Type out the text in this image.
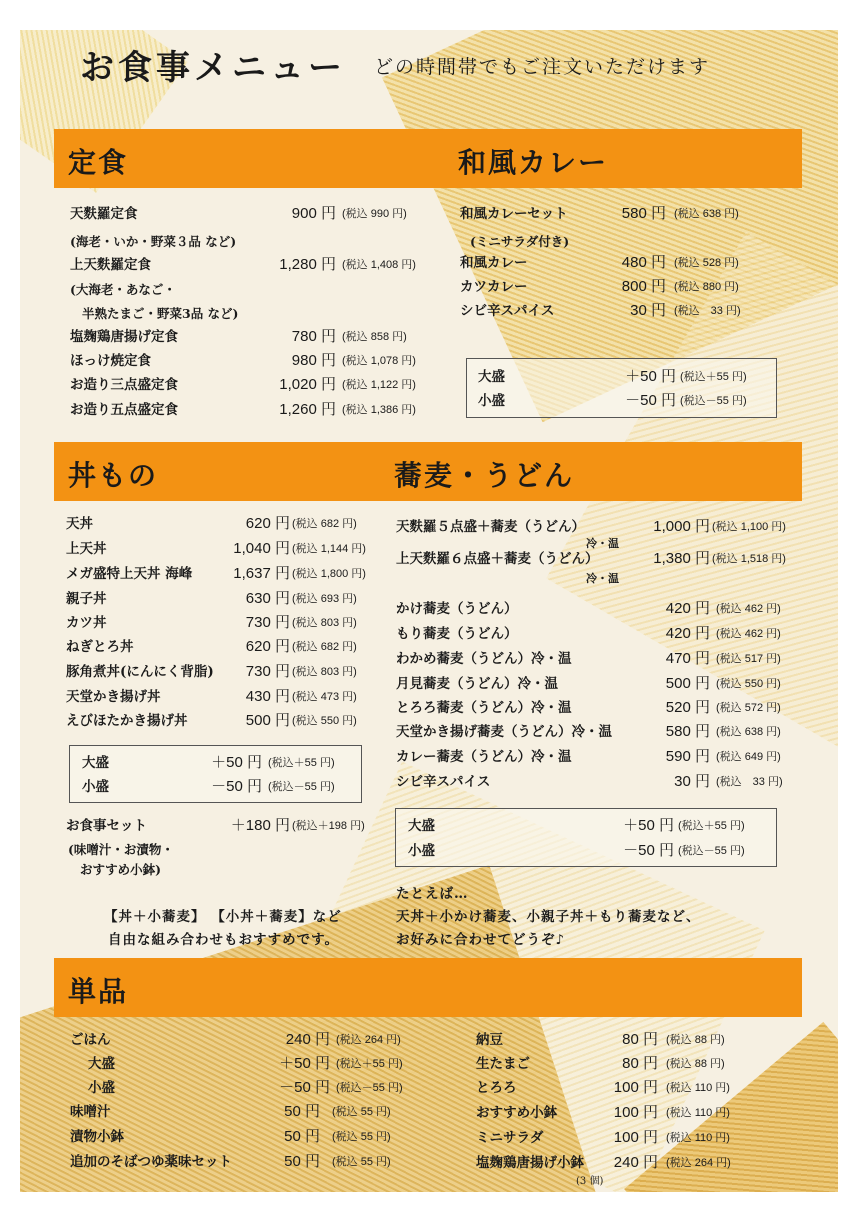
お食事メニュー どの時間帯でもご注文いただけます
定食	和風カレー
天麩羅定食	900 円 (税込 990 円)
(海老・いか・野菜３品 など)
上天麩羅定食	1,280 円 (税込 1,408 円)
(大海老・あなご・
半熟たまご・野菜3品 など)
塩麹鶏唐揚げ定食	780 円 (税込 858 円)
ほっけ焼定食	980 円 (税込 1,078 円)
お造り三点盛定食	1,020 円 (税込 1,122 円)
お造り五点盛定食	1,260 円 (税込 1,386 円)
和風カレーセット	580 円 (税込 638 円)
(ミニサラダ付き)
和風カレー	480 円 (税込 528 円)
カツカレー	800 円 (税込 880 円)
シビ辛スパイス	30 円 (税込　33 円)
大盛	＋50 円 (税込＋55 円)
小盛	－50 円 (税込－55 円)
丼もの	蕎麦・うどん
天丼	620 円 (税込 682 円)
上天丼	1,040 円 (税込 1,144 円)
メガ盛特上天丼 海峰	1,637 円 (税込 1,800 円)
親子丼	630 円 (税込 693 円)
カツ丼	730 円 (税込 803 円)
ねぎとろ丼	620 円 (税込 682 円)
豚角煮丼(にんにく背脂)	730 円 (税込 803 円)
天堂かき揚げ丼	430 円 (税込 473 円)
えびほたかき揚げ丼	500 円 (税込 550 円)
大盛	＋50 円 (税込＋55 円)
小盛	－50 円 (税込－55 円)
お食事セット	＋180 円 (税込＋198 円)
(味噌汁・お漬物・
おすすめ小鉢)
【丼＋小蕎麦】 【小丼＋蕎麦】など
自由な組み合わせもおすすめです。
天麩羅５点盛＋蕎麦（うどん）	1,000 円 (税込 1,100 円)
冷・温
上天麩羅６点盛＋蕎麦（うどん）	1,380 円 (税込 1,518 円)
冷・温
かけ蕎麦（うどん）	420 円 (税込 462 円)
もり蕎麦（うどん）	420 円 (税込 462 円)
わかめ蕎麦（うどん）冷・温	470 円 (税込 517 円)
月見蕎麦（うどん）冷・温	500 円 (税込 550 円)
とろろ蕎麦（うどん）冷・温	520 円 (税込 572 円)
天堂かき揚げ蕎麦（うどん）冷・温	580 円 (税込 638 円)
カレー蕎麦（うどん）冷・温	590 円 (税込 649 円)
シビ辛スパイス	30 円 (税込　33 円)
大盛	＋50 円 (税込＋55 円)
小盛	－50 円 (税込－55 円)
たとえば…
天丼＋小かけ蕎麦、小親子丼＋もり蕎麦など、
お好みに合わせてどうぞ♪
単品
ごはん	240 円 (税込 264 円)
大盛	＋50 円 (税込＋55 円)
小盛	－50 円 (税込－55 円)
味噌汁	50 円 (税込 55 円)
漬物小鉢	50 円 (税込 55 円)
追加のそばつゆ薬味セット	50 円 (税込 55 円)
納豆	80 円 (税込 88 円)
生たまご	80 円 (税込 88 円)
とろろ	100 円 (税込 110 円)
おすすめ小鉢	100 円 (税込 110 円)
ミニサラダ	100 円 (税込 110 円)
塩麹鶏唐揚げ小鉢	240 円 (税込 264 円)
(3 個)
